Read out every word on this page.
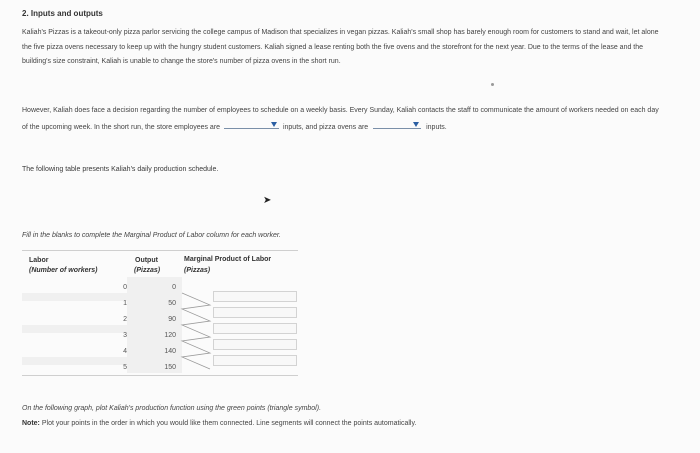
2. Inputs and outputs
Kaliah's Pizzas is a takeout-only pizza parlor servicing the college campus of Madison that specializes in vegan pizzas. Kaliah's small shop has barely enough room for customers to stand and wait, let alone the five pizza ovens necessary to keep up with the hungry student customers. Kaliah signed a lease renting both the five ovens and the storefront for the next year. Due to the terms of the lease and the building's size constraint, Kaliah is unable to change the store's number of pizza ovens in the short run.
However, Kaliah does face a decision regarding the number of employees to schedule on a weekly basis. Every Sunday, Kaliah contacts the staff to communicate the amount of workers needed on each day of the upcoming week. In the short run, the store employees are	inputs, and pizza ovens are	inputs.
The following table presents Kaliah's daily production schedule.
➤
Fill in the blanks to complete the Marginal Product of Labor column for each worker.
Labor
(Number of workers)
Output
(Pizzas)
Marginal Product of Labor
(Pizzas)
0	0
1	50
2	90
3	120
4	140
5	150
On the following graph, plot Kaliah's production function using the green points (triangle symbol).
Note: Plot your points in the order in which you would like them connected. Line segments will connect the points automatically.
